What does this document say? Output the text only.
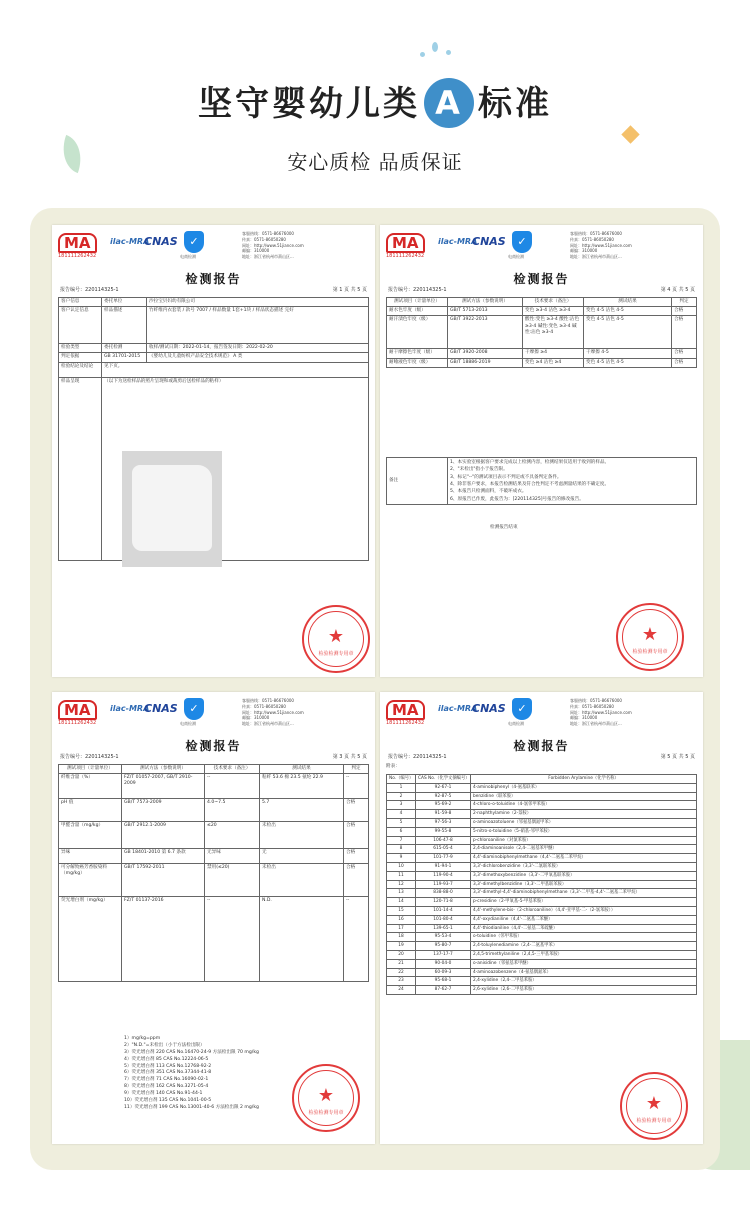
坚守婴幼儿类 A 标准
安心质检 品质保证
MA
181111262432
ilac-MRA
CNAS	✓
电商检测
客服热线：0571-86676000
传真：0571-86050280
网址：http://www.51jiance.com
邮编：310000
地址：浙江省杭州市萧山区...
检测报告
报告编号：220114325-1	第 1 页 共 5 页
客户信息	委托单位	沙拉宝贝妇幼有限公司
客户认定信息	样品描述	竹纤维内衣套装 / 款号 7007 / 样品数量 1套+1块 / 样品状态描述 完好
检验类型	委托检测	收样/测试日期：2022-01-14，报告签发日期：2022-02-20
判定依据	GB 31701-2015	《婴幼儿及儿童纺织产品安全技术规范》 A 类
检验结论及结论	见下页。	
样品呈现	（以下为送检样品的照片呈现和或裁剪后送检样品的粘样）	
★
检验检测专用章
MA
181111262432
ilac-MRA
CNAS	✓
电商检测
客服热线：0571-86676000
传真：0571-86050280
网址：http://www.51jiance.com
邮编：310000
地址：浙江省杭州市萧山区...
检测报告
报告编号：220114325-1	第 4 页 共 5 页
测试项目（计量单位）	测试方法（参数说明）	技术要求（备注）	测试结果	判定
耐水色牢度（级）	GB/T 5713-2013	变色 ≥3-4 沾色 ≥3-4	变色 4-5 沾色 4-5	合格
耐汗渍色牢度（级）	GB/T 3922-2013	酸性:变色 ≥3-4 酸性:沾色 ≥3-4 碱性:变色 ≥3-4 碱性:沾色 ≥3-4	变色 4-5 沾色 4-5	合格
耐干摩擦色牢度（级）	GB/T 3920-2008	干摩擦 ≥4	干摩擦 4-5	合格
耐唾液色牢度（级）	GB/T 18886-2019	变色 ≥4 沾色 ≥4	变色 4-5 沾色 4-5	合格
备注	
1、本实验室根据客户要求完成以上检测内容，检测结果仅适用于收到的样品。
2、"未检出"指小于报告限。
3、标记"--"的测试项目表示不判定或不具备判定条件。
4、除非客户要求，本报告检测结果及符合性判定不考虑测量结果的不确定度。
5、本报告只检测面料，不破坏成衣。
6、原报告已作废，此报告为：[220114325]号报告的修改报告。
检测报告结束
★
检验检测专用章
MA
181111262432
ilac-MRA
CNAS	✓
电商检测
客服热线：0571-86676000
传真：0571-86050280
网址：http://www.51jiance.com
邮编：310000
地址：浙江省杭州市萧山区...
检测报告
报告编号：220114325-1	第 3 页 共 5 页
测试项目（计量单位）	测试方法（参数说明）	技术要求（备注）	测试结果	判定
纤维含量（%）	FZ/T 01057-2007, GB/T 2910-2009	--	粘纤 53.6 棉 23.5 氨纶 22.9	--
pH 值	GB/T 7573-2009	4.0~7.5	5.7	合格
甲醛含量（mg/kg）	GB/T 2912.1-2009	≤20	未检出	合格
异味	GB 18401-2010 第 6.7 条款	无异味	无	合格
可分解致癌芳香胺染料（mg/kg）	GB/T 17592-2011	禁用(≤20)	未检出	合格
荧光增白剂（mg/kg）	FZ/T 01137-2016	--	N.D.	--
1）mg/kg=ppm
2）"N.D."=未检出（小于方法检出限）
3）荧光增白剂 220 CAS No.16470-24-9 方法检出限 70 mg/kg
4）荧光增白剂 85 CAS No.12224-06-5
5）荧光增白剂 113 CAS No.12768-92-2
6）荧光增白剂 351 CAS No.37344-41-8
7）荧光增白剂 71 CAS No.16090-02-1
8）荧光增白剂 162 CAS No.3271-05-4
9）荧光增白剂 140 CAS No.91-44-1
10）荧光增白剂 135 CAS No.1041-00-5
11）荧光增白剂 199 CAS No.13001-40-6 方法检出限 2 mg/kg
★
检验检测专用章
MA
181111262432
ilac-MRA
CNAS	✓
电商检测
客服热线：0571-86676000
传真：0571-86050280
网址：http://www.51jiance.com
邮编：310000
地址：浙江省杭州市萧山区...
检测报告
报告编号：220114325-1	第 5 页 共 5 页
附表：
No.（编号）	CAS No.（化学文摘编号）	Forbidden Arylamine（化学名称）
1	92-67-1	4-aminobiphenyl（4-氨基联苯）
2	92-87-5	benzidine（联苯胺）
3	95-69-2	4-chloro-o-toluidine（4-氯邻甲苯胺）
4	91-59-8	2-naphthylamine（2-萘胺）
5	97-56-3	o-aminoazotoluene（邻氨基偶氮甲苯）
6	99-55-8	5-nitro-o-toluidine（5-硝基-邻甲苯胺）
7	106-47-8	p-chloroaniline（对氯苯胺）
8	615-05-4	2,4-diaminoanisole（2,4-二氨基苯甲醚）
9	101-77-9	4,4'-diaminobiphenylmethane（4,4'-二氨基二苯甲烷）
10	91-94-1	3,3'-dichlorobenzidine（3,3'-二氯联苯胺）
11	119-90-4	3,3'-dimethoxybenzidine（3,3'-二甲氧基联苯胺）
12	119-93-7	3,3'-dimethylbenzidine（3,3'-二甲基联苯胺）
13	838-88-0	3,3'-dimethyl-4,4'-diaminobiphenylmethane（3,3'-二甲基-4,4'-二氨基二苯甲烷）
14	120-71-8	p-cresidine（2-甲氧基-5-甲基苯胺）
15	101-14-4	4,4'-methylene-bis-（2-chloroaniline）（4,4'-亚甲基-二-（2-氯苯胺））
16	101-80-4	4,4'-oxydianiline（4,4'-二氨基二苯醚）
17	139-65-1	4,4'-thiodianiline（4,4'-二氨基二苯硫醚）
18	95-53-4	o-toluidine（邻甲苯胺）
19	95-80-7	2,4-toluylenediamine（2,4-二氨基甲苯）
20	137-17-7	2,4,5-trimethylaniline（2,4,5-三甲基苯胺）
21	90-04-0	o-anisidine（邻氨基苯甲醚）
22	60-09-3	4-aminoazobenzene（4-氨基偶氮苯）
23	95-68-1	2,4-xylidine（2,4-二甲基苯胺）
24	87-62-7	2,6-xylidine（2,6-二甲基苯胺）
★
检验检测专用章
